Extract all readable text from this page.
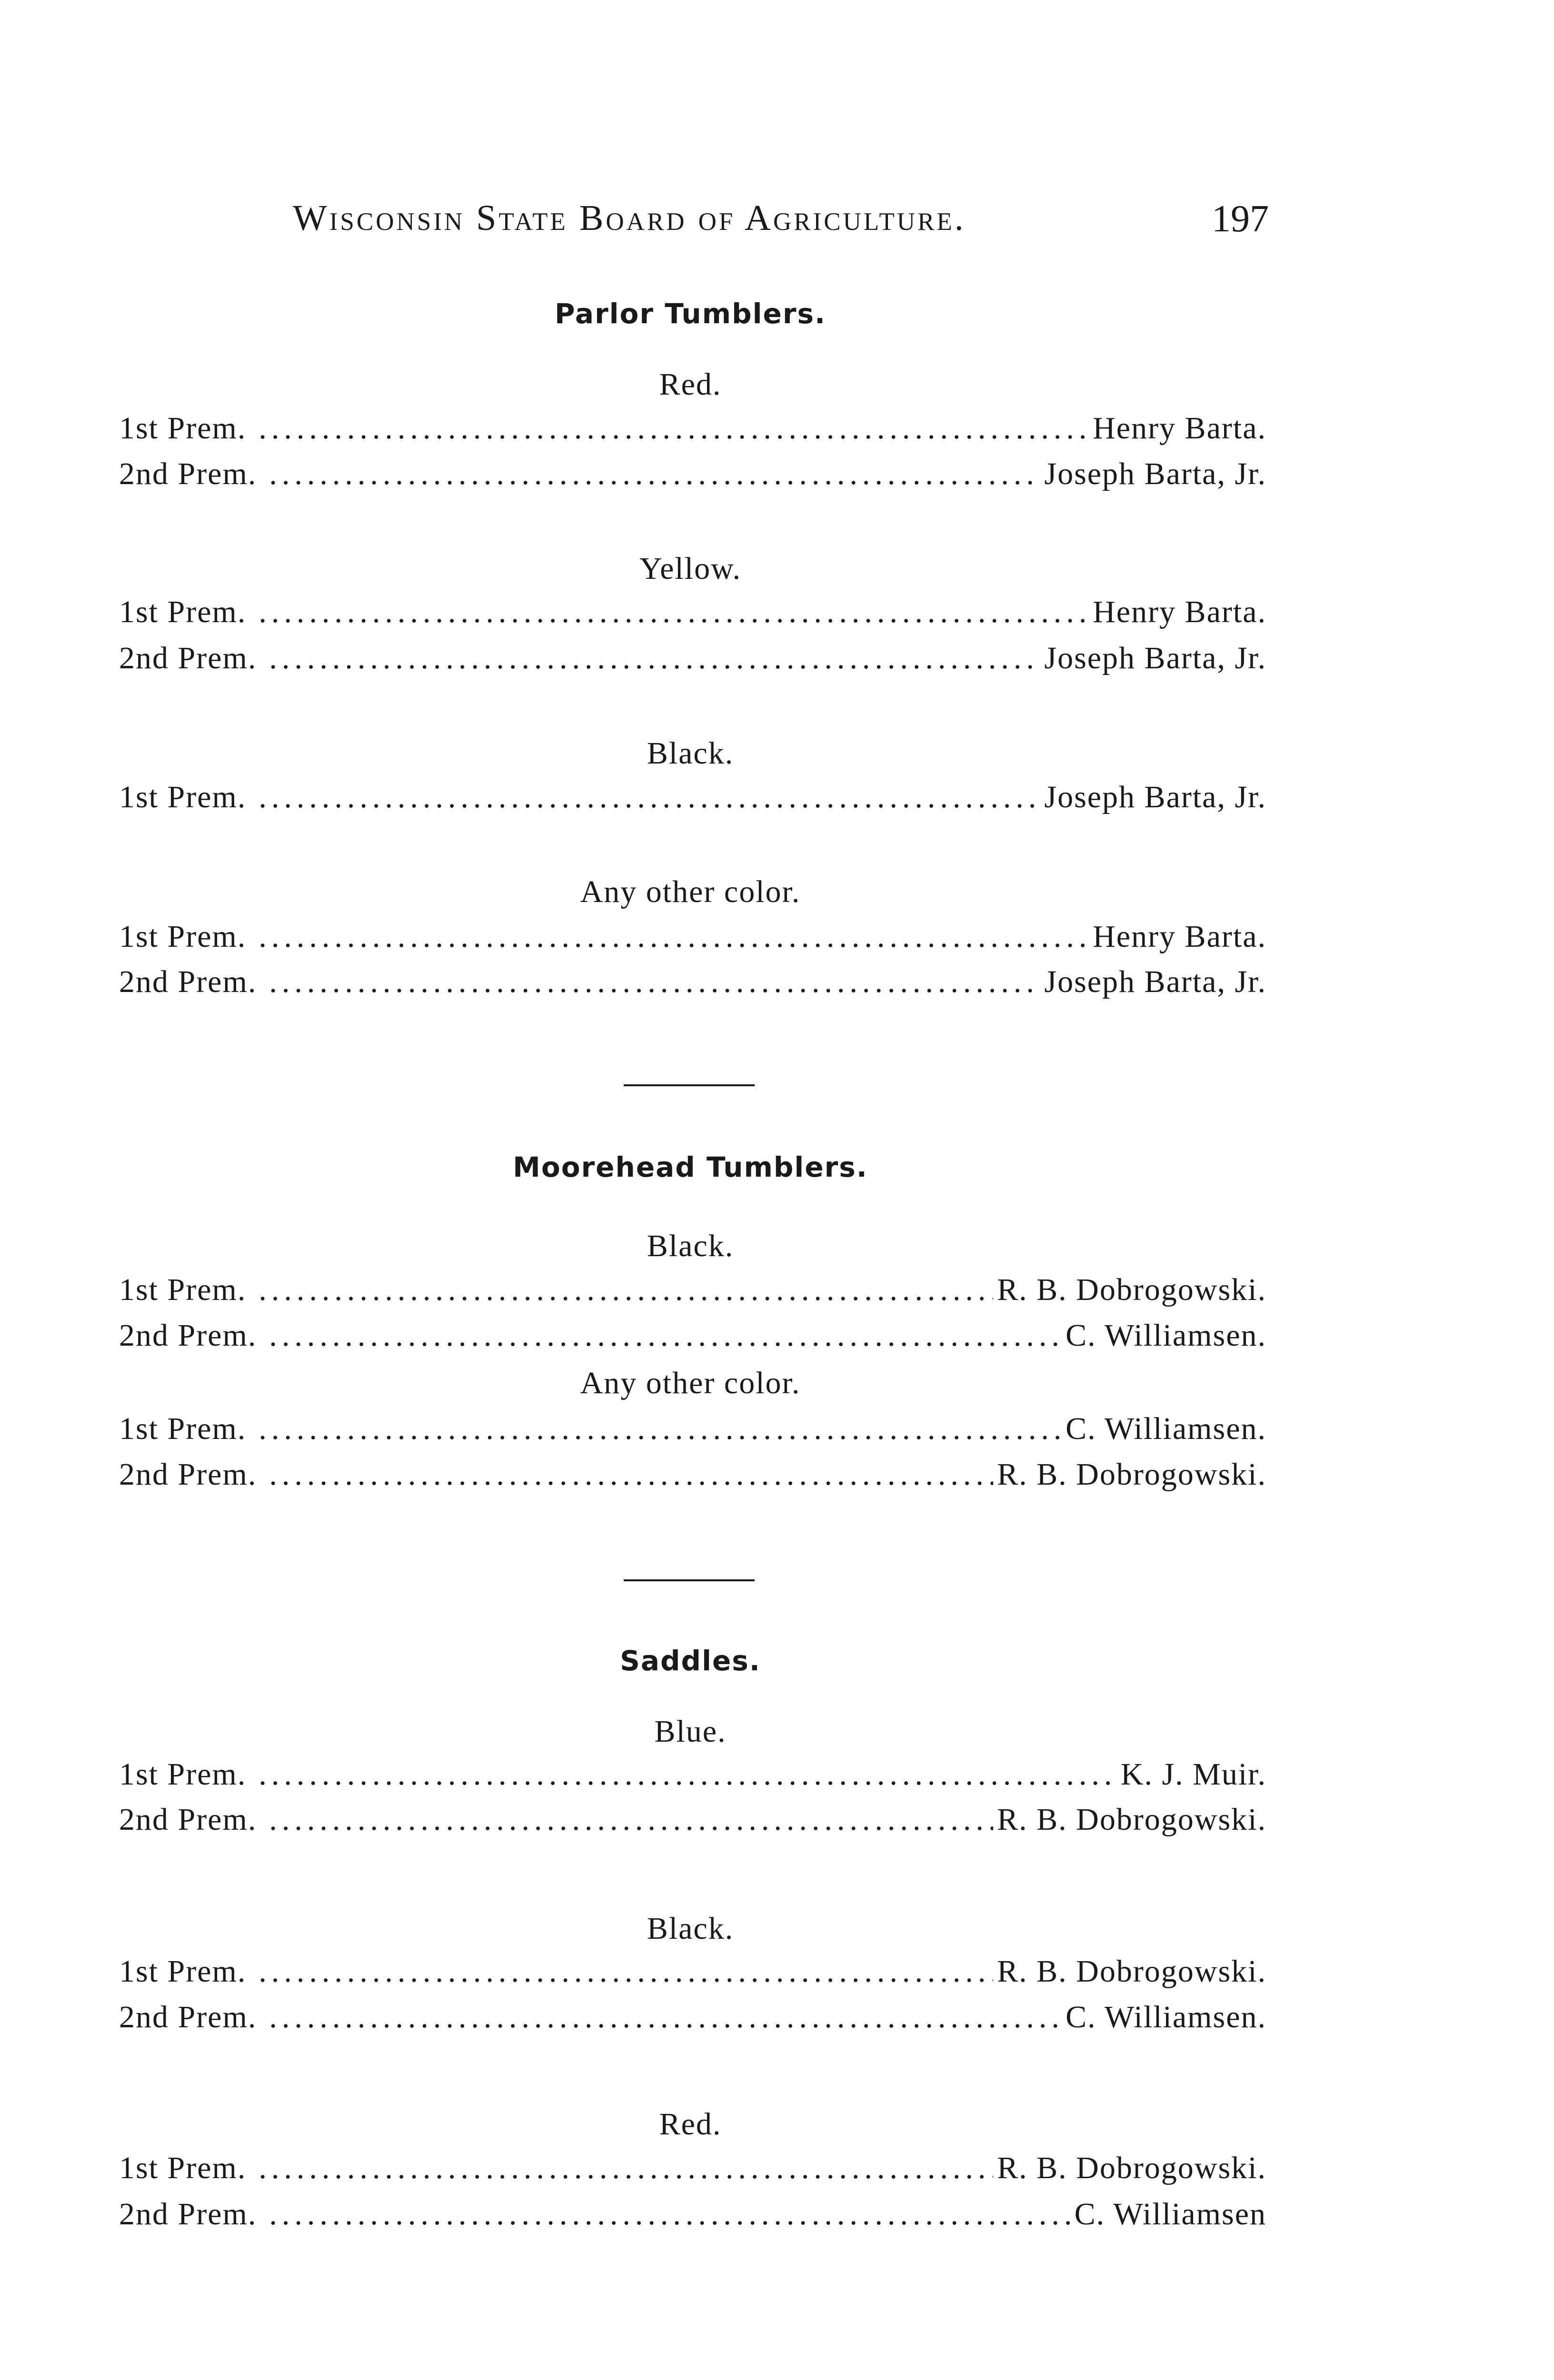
Wisconsin State Board of Agriculture.	197
Parlor Tumblers.
Red.
1st Prem. .....	Henry Barta.
2nd Prem. .....	Joseph Barta, Jr.
Yellow.
1st Prem. .....	Henry Barta.
2nd Prem. .....	Joseph Barta, Jr.
Black.
1st Prem. .....	Joseph Barta, Jr.
Any other color.
1st Prem. .....	Henry Barta.
2nd Prem. .....	Joseph Barta, Jr.
Moorehead Tumblers.
Black.
1st Prem. .....	R. B. Dobrogowski.
2nd Prem. .....	C. Williamsen.
Any other color.
1st Prem. .....	C. Williamsen.
2nd Prem. .....	R. B. Dobrogowski.
Saddles.
Blue.
1st Prem. .....	K. J. Muir.
2nd Prem. .....	R. B. Dobrogowski.
Black.
1st Prem. .....	R. B. Dobrogowski.
2nd Prem. .....	C. Williamsen.
Red.
1st Prem. .....	R. B. Dobrogowski.
2nd Prem. .....	C. Williamsen
